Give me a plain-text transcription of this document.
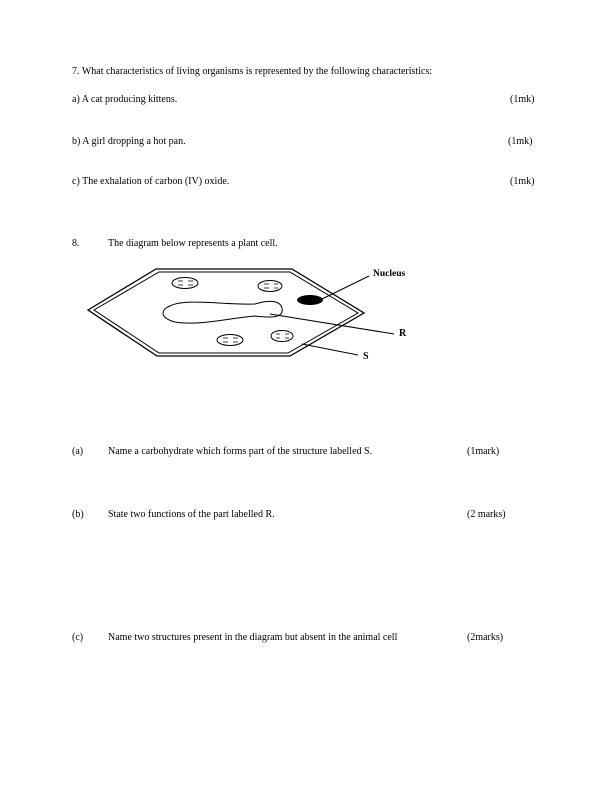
7. What characteristics of living organisms is represented by the following characteristics:
a) A cat producing kittens.	(1mk)
b) A girl dropping a hot pan.	(1mk)
c) The exhalation of carbon (IV) oxide.	(1mk)
8.	The diagram below represents a plant cell.
Nucleus
R
S
(a) Name a carbohydrate which forms part of the structure labelled S.	(1mark)
(b) State two functions of the part labelled R.	(2 marks)
(c) Name two structures present in the diagram but absent in the animal cell	(2marks)
